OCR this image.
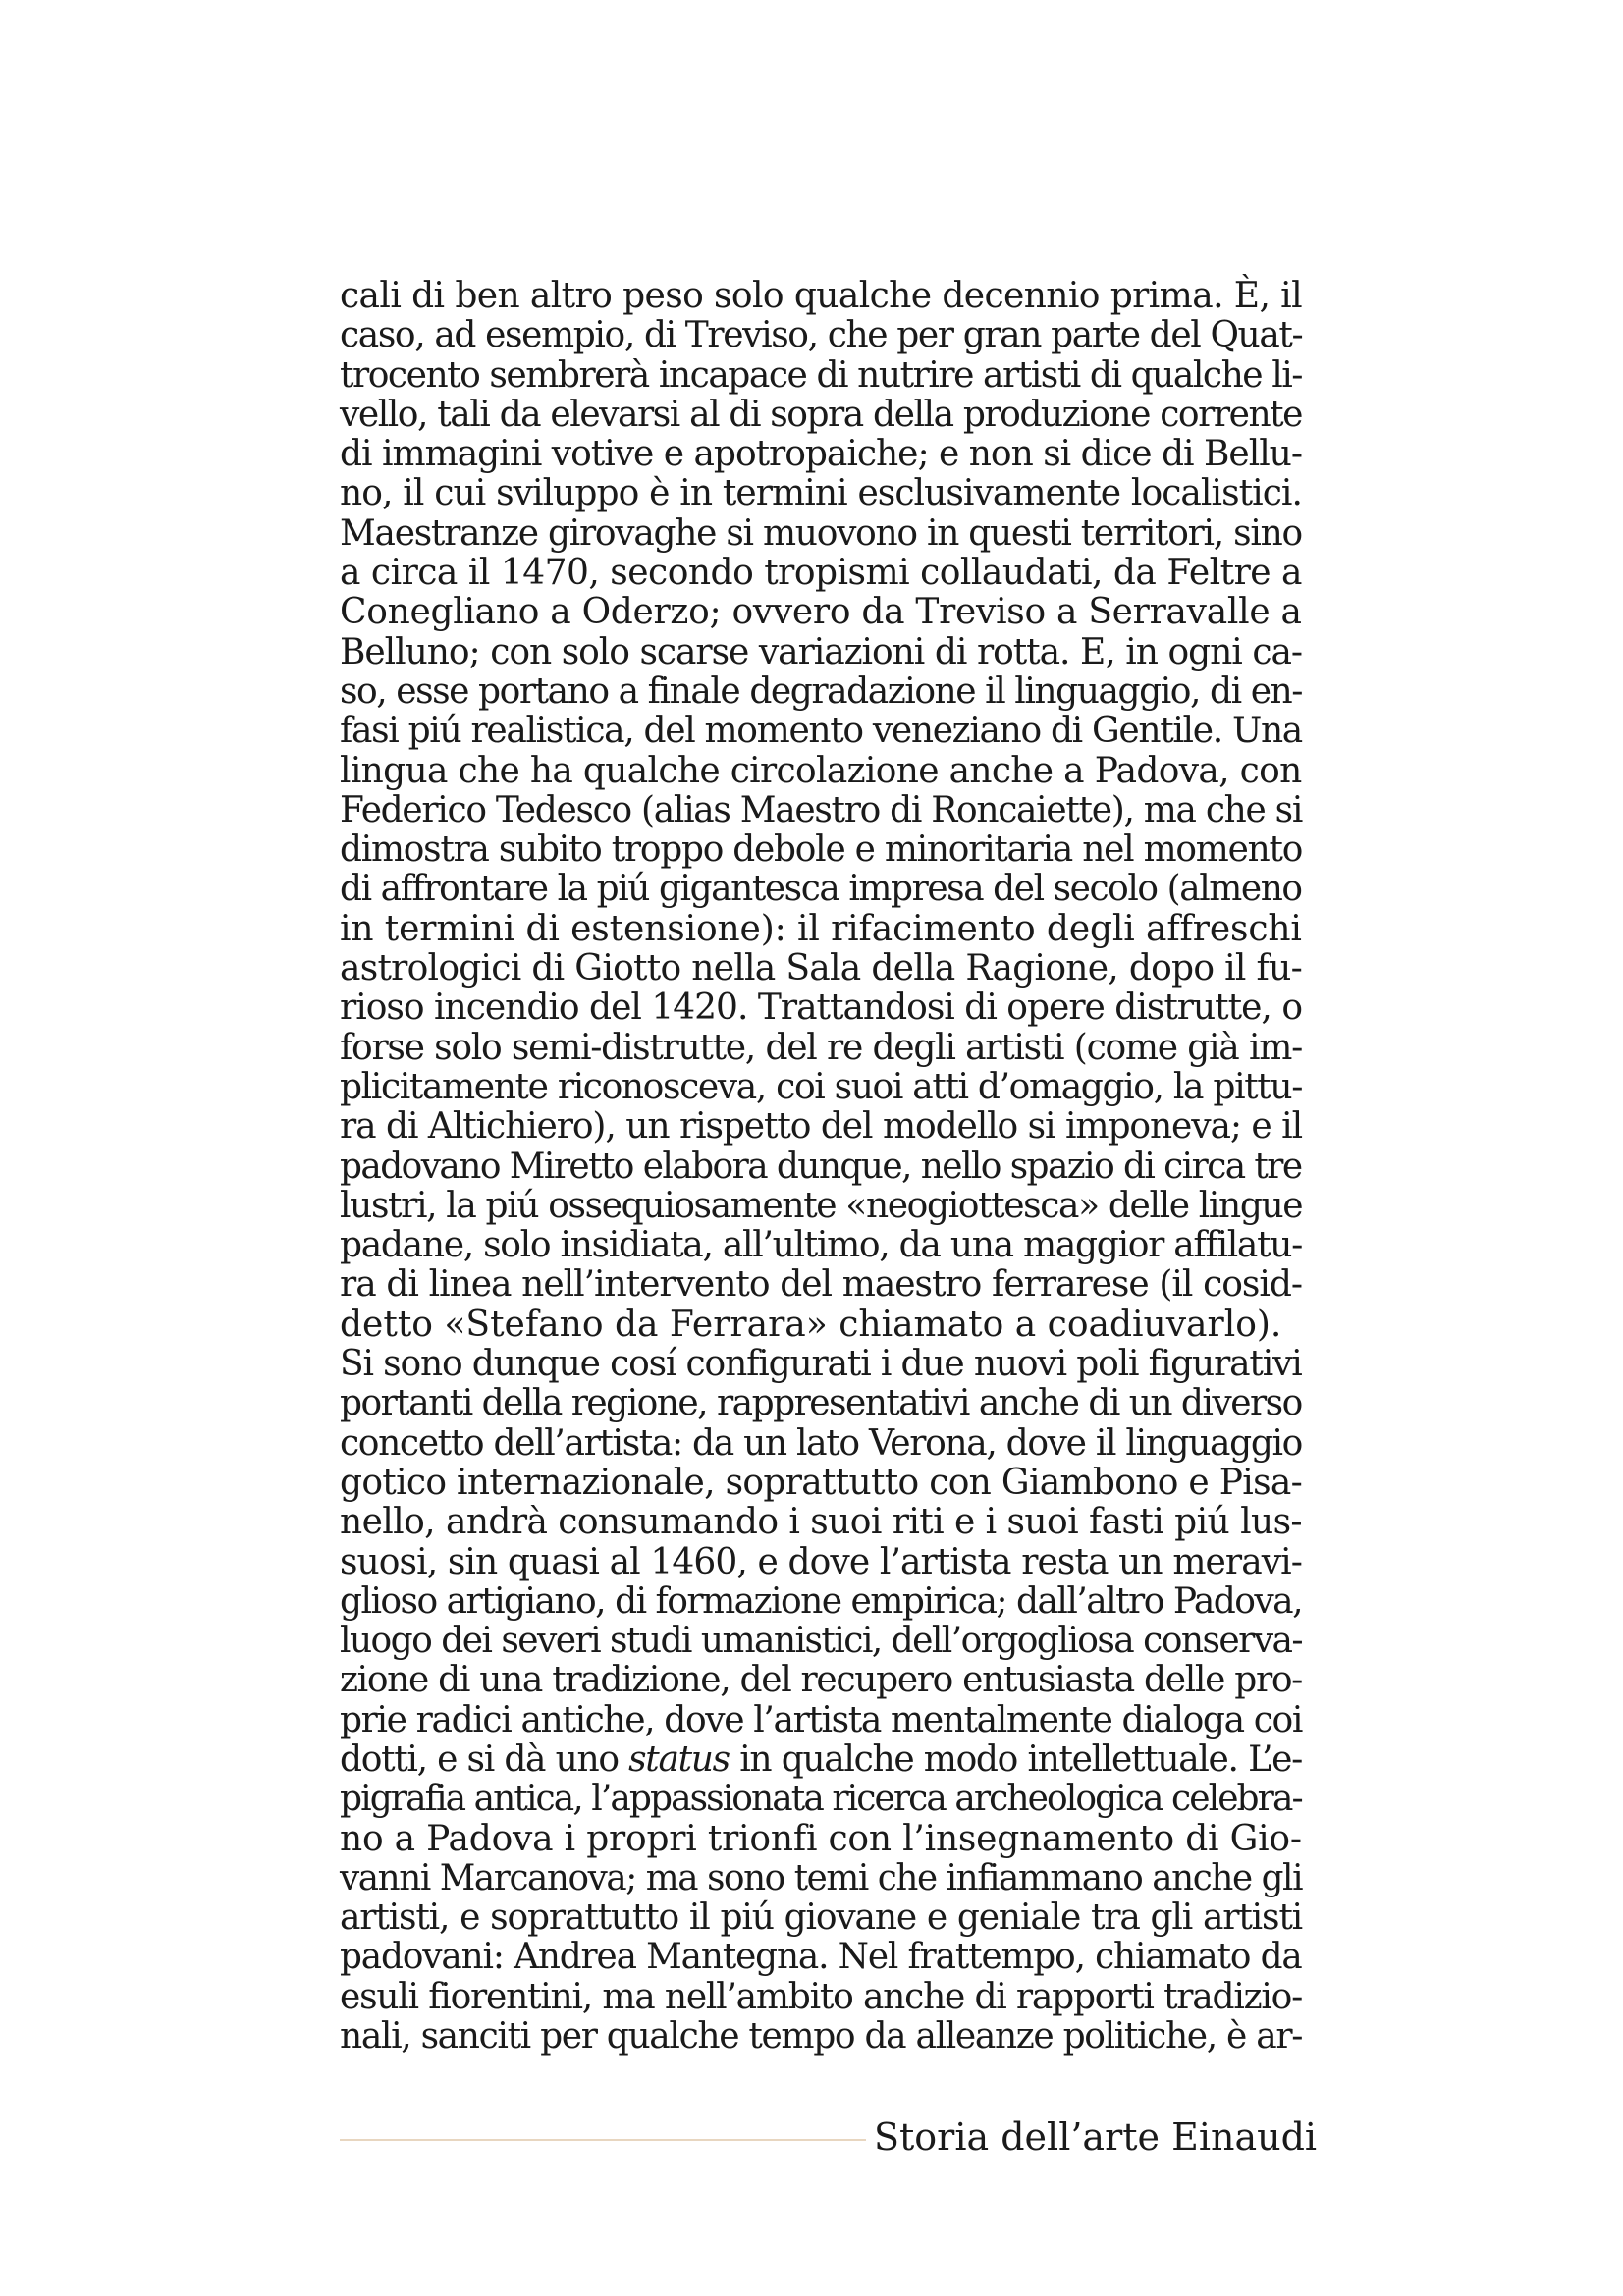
cali di ben altro peso solo qualche decennio prima. È, il
caso, ad esempio, di Treviso, che per gran parte del Quat-
trocento sembrerà incapace di nutrire artisti di qualche li-
vello, tali da elevarsi al di sopra della produzione corrente
di immagini votive e apotropaiche; e non si dice di Bellu-
no, il cui sviluppo è in termini esclusivamente localistici.
Maestranze girovaghe si muovono in questi territori, sino
a circa il 1470, secondo tropismi collaudati, da Feltre a
Conegliano a Oderzo; ovvero da Treviso a Serravalle a
Belluno; con solo scarse variazioni di rotta. E, in ogni ca-
so, esse portano a finale degradazione il linguaggio, di en-
fasi piú realistica, del momento veneziano di Gentile. Una
lingua che ha qualche circolazione anche a Padova, con
Federico Tedesco (alias Maestro di Roncaiette), ma che si
dimostra subito troppo debole e minoritaria nel momento
di affrontare la piú gigantesca impresa del secolo (almeno
in termini di estensione): il rifacimento degli affreschi
astrologici di Giotto nella Sala della Ragione, dopo il fu-
rioso incendio del 1420. Trattandosi di opere distrutte, o
forse solo semi-distrutte, del re degli artisti (come già im-
plicitamente riconosceva, coi suoi atti d’omaggio, la pittu-
ra di Altichiero), un rispetto del modello si imponeva; e il
padovano Miretto elabora dunque, nello spazio di circa tre
lustri, la piú ossequiosamente «neogiottesca» delle lingue
padane, solo insidiata, all’ultimo, da una maggior affilatu-
ra di linea nell’intervento del maestro ferrarese (il cosid-
detto «Stefano da Ferrara» chiamato a coadiuvarlo).
Si sono dunque cosí configurati i due nuovi poli figurativi
portanti della regione, rappresentativi anche di un diverso
concetto dell’artista: da un lato Verona, dove il linguaggio
gotico internazionale, soprattutto con Giambono e Pisa-
nello, andrà consumando i suoi riti e i suoi fasti piú lus-
suosi, sin quasi al 1460, e dove l’artista resta un meravi-
glioso artigiano, di formazione empirica; dall’altro Padova,
luogo dei severi studi umanistici, dell’orgogliosa conserva-
zione di una tradizione, del recupero entusiasta delle pro-
prie radici antiche, dove l’artista mentalmente dialoga coi
dotti, e si dà uno status in qualche modo intellettuale. L’e-
pigrafia antica, l’appassionata ricerca archeologica celebra-
no a Padova i propri trionfi con l’insegnamento di Gio-
vanni Marcanova; ma sono temi che infiammano anche gli
artisti, e soprattutto il piú giovane e geniale tra gli artisti
padovani: Andrea Mantegna. Nel frattempo, chiamato da
esuli fiorentini, ma nell’ambito anche di rapporti tradizio-
nali, sanciti per qualche tempo da alleanze politiche, è ar-
Storia dell’arte Einaudi
